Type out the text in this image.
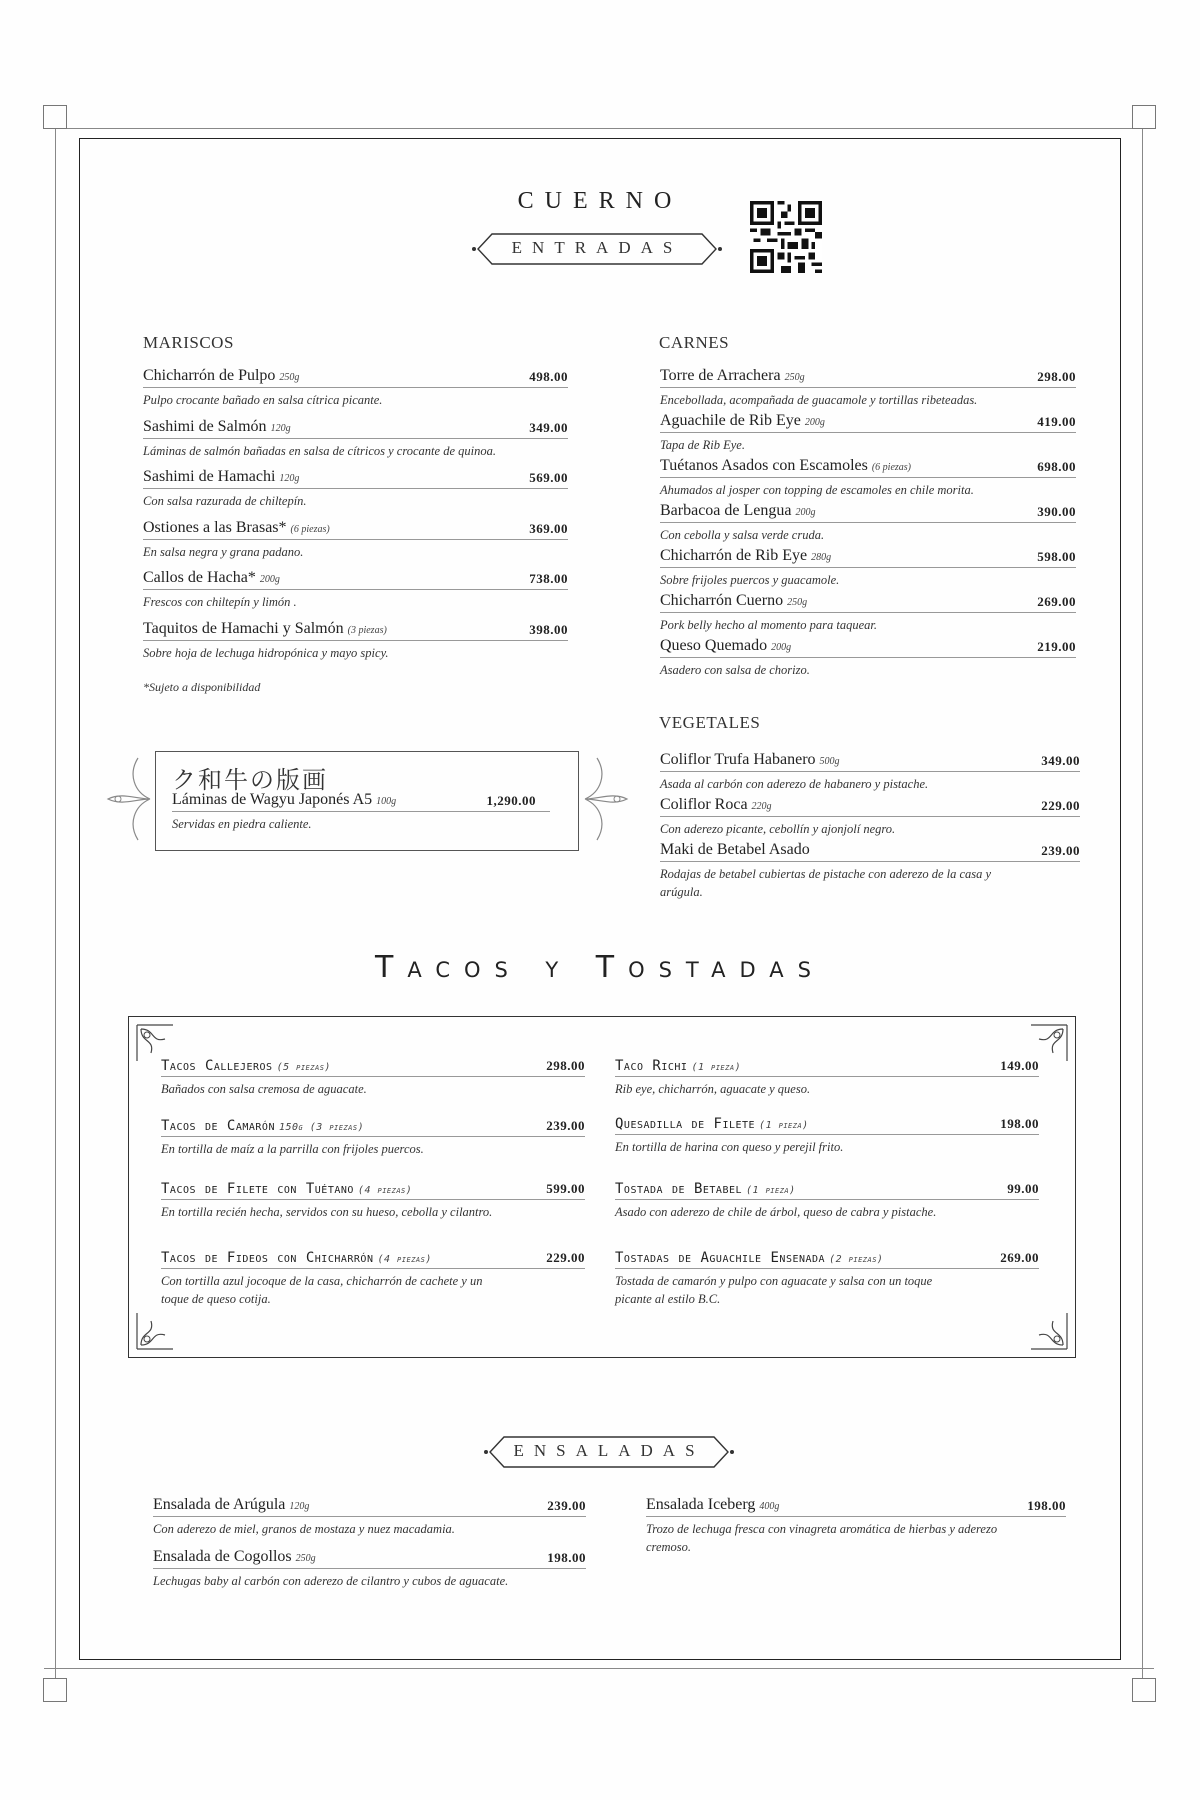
CUERNO
ENTRADAS
MARISCOS
Chicharrón de Pulpo 250g	498.00
Pulpo crocante bañado en salsa cítrica picante.
Sashimi de Salmón 120g	349.00
Láminas de salmón bañadas en salsa de cítricos y crocante de quinoa.
Sashimi de Hamachi 120g	569.00
Con salsa razurada de chiltepín.
Ostiones a las Brasas* (6 piezas)	369.00
En salsa negra y grana padano.
Callos de Hacha* 200g	738.00
Frescos con chiltepín y limón .
Taquitos de Hamachi y Salmón (3 piezas)	398.00
Sobre hoja de lechuga hidropónica y mayo spicy.
*Sujeto a disponibilidad
ク和牛の版画
Láminas de Wagyu Japonés A5 100g	1,290.00
Servidas en piedra caliente.
CARNES
Torre de Arrachera 250g	298.00
Encebollada, acompañada de guacamole y tortillas ribeteadas.
Aguachile de Rib Eye 200g	419.00
Tapa de Rib Eye.
Tuétanos Asados con Escamoles (6 piezas)	698.00
Ahumados al josper con topping de escamoles en chile morita.
Barbacoa de Lengua 200g	390.00
Con cebolla y salsa verde cruda.
Chicharrón de Rib Eye 280g	598.00
Sobre frijoles puercos y guacamole.
Chicharrón Cuerno 250g	269.00
Pork belly hecho al momento para taquear.
Queso Quemado 200g	219.00
Asadero con salsa de chorizo.
VEGETALES
Coliflor Trufa Habanero 500g	349.00
Asada al carbón con aderezo de habanero y pistache.
Coliflor Roca 220g	229.00
Con aderezo picante, cebollín y ajonjolí negro.
Maki de Betabel Asado	239.00
Rodajas de betabel cubiertas de pistache con aderezo de la casa y arúgula.
Tacos y Tostadas
Tacos Callejeros (5 piezas)	298.00
Bañados con salsa cremosa de aguacate.
Tacos de Camarón 150g (3 piezas)	239.00
En tortilla de maíz a la parrilla con frijoles puercos.
Tacos de Filete con Tuétano (4 piezas)	599.00
En tortilla recién hecha, servidos con su hueso, cebolla y cilantro.
Tacos de Fideos con Chicharrón (4 piezas)	229.00
Con tortilla azul jocoque de la casa, chicharrón de cachete y un toque de queso cotija.
Taco Richi (1 pieza)	149.00
Rib eye, chicharrón, aguacate y queso.
Quesadilla de Filete (1 pieza)	198.00
En tortilla de harina con queso y perejil frito.
Tostada de Betabel (1 pieza)	99.00
Asado con aderezo de chile de árbol, queso de cabra y pistache.
Tostadas de Aguachile Ensenada (2 piezas)	269.00
Tostada de camarón y pulpo con aguacate y salsa con un toque picante al estilo B.C.
ENSALADAS
Ensalada de Arúgula 120g	239.00
Con aderezo de miel, granos de mostaza y nuez macadamia.
Ensalada de Cogollos 250g	198.00
Lechugas baby al carbón con aderezo de cilantro y cubos de aguacate.
Ensalada Iceberg 400g	198.00
Trozo de lechuga fresca con vinagreta aromática de hierbas y aderezo cremoso.
